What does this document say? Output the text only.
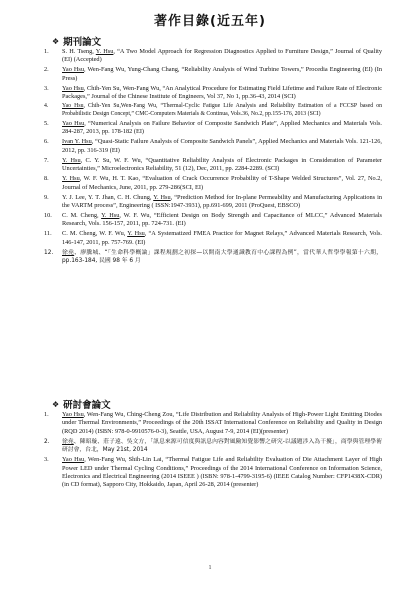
著作目錄(近五年)
❖ 期刊論文
1. S. H. Tseng, Y. Hsu, “A Two Model Approach for Regression Diagnostics Applied to Furniture Design,” Journal of Quality (EI) (Accepted)
2. Yao Hsu, Wen-Fang Wu, Yung-Chang Chang, “Reliability Analysis of Wind Turbine Towers,” Procedia Engineering (EI) (In Press)
3. Yao Hsu, Chih-Yen Su, Wen-Fang Wu, “An Analytical Procedure for Estimating Field Lifetime and Failure Rate of Electronic Packages,” Journal of the Chinese Institute of Engineers, Vol 37, No 1, pp.36-43, 2014 (SCI)
4. Yao Hsu, Chih-Yen Su,Wen-Fang Wu, “Thermal-Cyclic Fatigue Life Analysis and Reliability Estimation of a FCCSP based on Probabilistic Design Concept,” CMC-Computers Materials & Continua, Vols.36, No.2, pp.155-176, 2013 (SCI)
5. Yao Hsu, “Numerical Analysis on Failure Behavior of Composite Sandwich Plate”, Applied Mechanics and Materials Vols. 284-287, 2013, pp. 178-182 (EI)
6. Ivan Y. Hsu, “Quasi-Static Failure Analysis of Composite Sandwich Panels”, Applied Mechanics and Materials Vols. 121-126, 2012, pp. 316-319 (EI)
7. Y. Hsu, C. Y. Su, W. F. Wu, “Quantitative Reliability Analysis of Electronic Packages in Consideration of Parameter Uncertainties,” Microelectronics Reliability, 51 (12), Dec, 2011, pp. 2284-2289. (SCI)
8. Y. Hsu, W. F. Wu, H. T. Kao, “Evaluation of Crack Occurrence Probability of T-Shape Welded Structures”, Vol. 27, No.2, Journal of Mechanics, June, 2011, pp. 279-286(SCI, EI)
9. Y. J. Lee, Y. T. Jhan, C. H. Chung, Y. Hsu, “Prediction Method for In-plane Permeability and Manufacturing Applications in the VARTM process”, Engineering ( ISSN:1947-3931), pp.691-699, 2011 (ProQuest, EBSCO)
10. C. M. Cheng, Y. Hsu, W. F. Wu, “Efficient Design on Body Strength and Capacitance of MLCC,” Advanced Materials Research, Vols. 156-157, 2011, pp. 724-731. (EI)
11. C. M. Cheng, W. F. Wu, Y. Hsu, “A Systematized FMEA Practice for Magnet Relays,” Advanced Materials Research, Vols. 146-147, 2011, pp. 757-769. (EI)
12. 徐堯、廖騰城、“「生命科學概論」課程規劃之初探—以開南大學通識教育中心課程為例”，當代華人哲學學報第十六期，pp.163-184, 民國 98 年 6 月
❖ 研討會論文
1. Yao Hsu, Wen-Fang Wu, Ching-Cheng Zou, “Life Distribution and Reliability Analysis of High-Power Light Emitting Diodes under Thermal Environments,” Proceedings of the 20th ISSAT International Conference on Reliability and Quality in Design (RQD 2014) (ISBN: 978-0-9910576-0-3), Seattle, USA, August 7-9, 2014 (EI)(presenter)
2. 徐堯、陳昭璇、莊子遠、吳文方，「訊息來源可信度與訊息內容對風險知覺影響之研究-以議題涉入為干擾」，商學與管理學術研討會，台北，May 21st, 2014
3. Yao Hsu, Wen-Fang Wu, Shih-Lin Lai, “Thermal Fatigue Life and Reliability Evaluation of Die Attachment Layer of High Power LED under Thermal Cycling Conditions,” Proceedings of the 2014 International Conference on Information Science, Electronics and Electrical Engineering (2014 ISEEE ) (ISBN: 978-1-4799-3195-6) (IEEE Catalog Number: CFP1438X-CDR) (in CD format), Sapporo City, Hokkaido, Japan, April 26-28, 2014 (presenter)
1
